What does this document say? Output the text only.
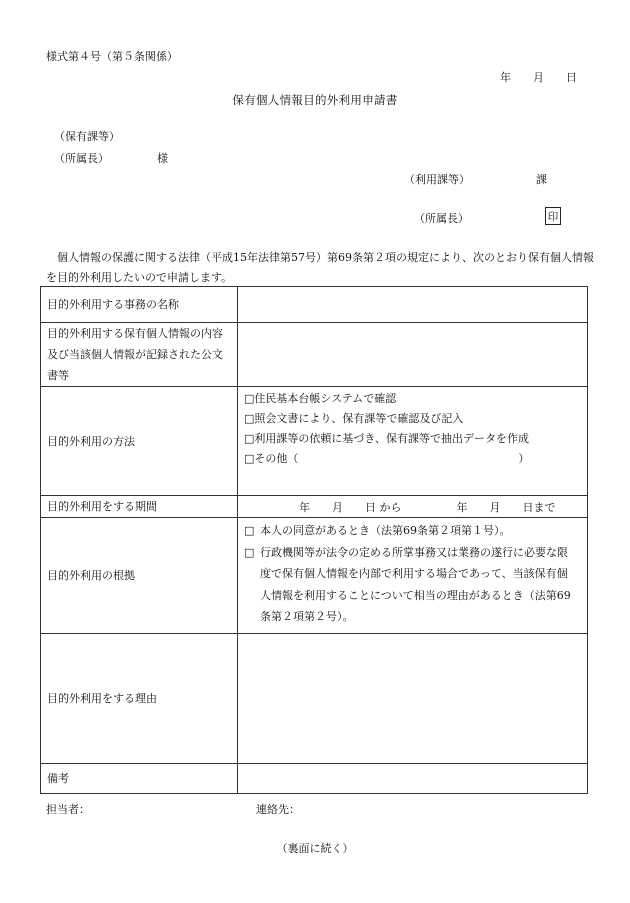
様式第４号（第５条関係）
年 月 日
保有個人情報目的外利用申請書
（保有課等）
（所属長）	様
（利用課等）	課
（所属長）	印
個人情報の保護に関する法律（平成15年法律第57号）第69条第２項の規定により、次のとおり保有個人情報を目的外利用したいので申請します。
目的外利用する事務の名称	
目的外利用する保有個人情報の内容及び当該個人情報が記録された公文書等	
目的外利用の方法	□住民基本台帳システムで確認
□照会文書により、保有課等で確認及び記入
□利用課等の依頼に基づき、保有課等で抽出データを作成
□その他（　　　　　　　　　　　　　　　　　　　　）

目的外利用をする期間	　　　　　年　　月　　日 から　　　　　年　　月　　日まで
目的外利用の根拠	□ 本人の同意があるとき（法第69条第２項第１号）。
□ 行政機関等が法令の定める所掌事務又は業務の遂行に必要な限度で保有個人情報を内部で利用する場合であって、当該保有個人情報を利用することについて相当の理由があるとき（法第69条第２項第２号）。

目的外利用をする理由	
備考	
担当者：	連絡先：
（裏面に続く）
